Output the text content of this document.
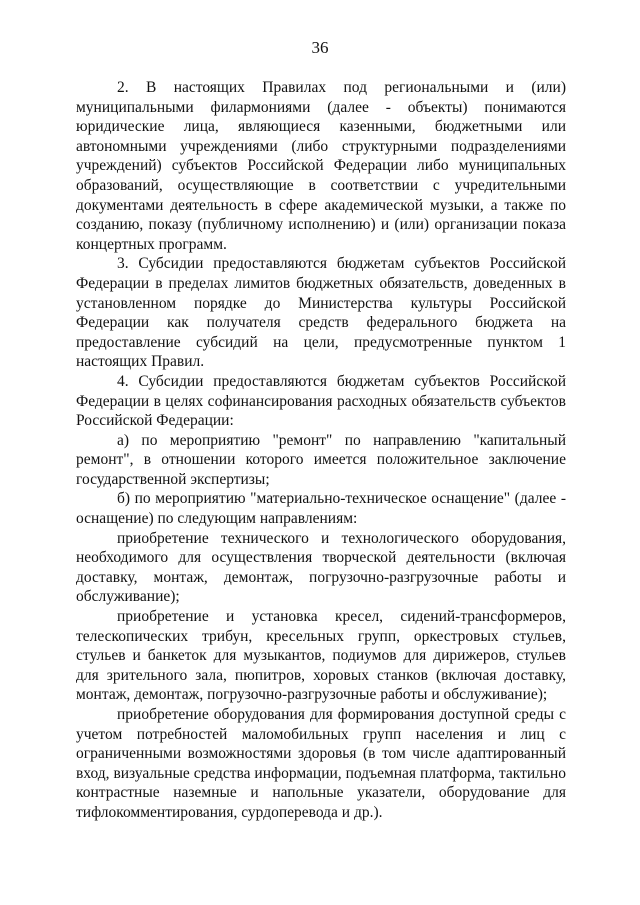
36

2. В настоящих Правилах под региональными и (или) муниципальными филармониями (далее - объекты) понимаются юридические лица, являющиеся казенными, бюджетными или автономными учреждениями (либо структурными подразделениями учреждений) субъектов Российской Федерации либо муниципальных образований, осуществляющие в соответствии с учредительными документами деятельность в сфере академической музыки, а также по созданию, показу (публичному исполнению) и (или) организации показа концертных программ.

3. Субсидии предоставляются бюджетам субъектов Российской Федерации в пределах лимитов бюджетных обязательств, доведенных в установленном порядке до Министерства культуры Российской Федерации как получателя средств федерального бюджета на предоставление субсидий на цели, предусмотренные пунктом 1 настоящих Правил.

4. Субсидии предоставляются бюджетам субъектов Российской Федерации в целях софинансирования расходных обязательств субъектов Российской Федерации:

а) по мероприятию "ремонт" по направлению "капитальный ремонт", в отношении которого имеется положительное заключение государственной экспертизы;

б) по мероприятию "материально-техническое оснащение" (далее - оснащение) по следующим направлениям:

приобретение технического и технологического оборудования, необходимого для осуществления творческой деятельности (включая доставку, монтаж, демонтаж, погрузочно-разгрузочные работы и обслуживание);

приобретение и установка кресел, сидений-трансформеров, телескопических трибун, кресельных групп, оркестровых стульев, стульев и банкеток для музыкантов, подиумов для дирижеров, стульев для зрительного зала, пюпитров, хоровых станков (включая доставку, монтаж, демонтаж, погрузочно-разгрузочные работы и обслуживание);

приобретение оборудования для формирования доступной среды с учетом потребностей маломобильных групп населения и лиц с ограниченными возможностями здоровья (в том числе адаптированный вход, визуальные средства информации, подъемная платформа, тактильно контрастные наземные и напольные указатели, оборудование для тифлокомментирования, сурдоперевода и др.).
